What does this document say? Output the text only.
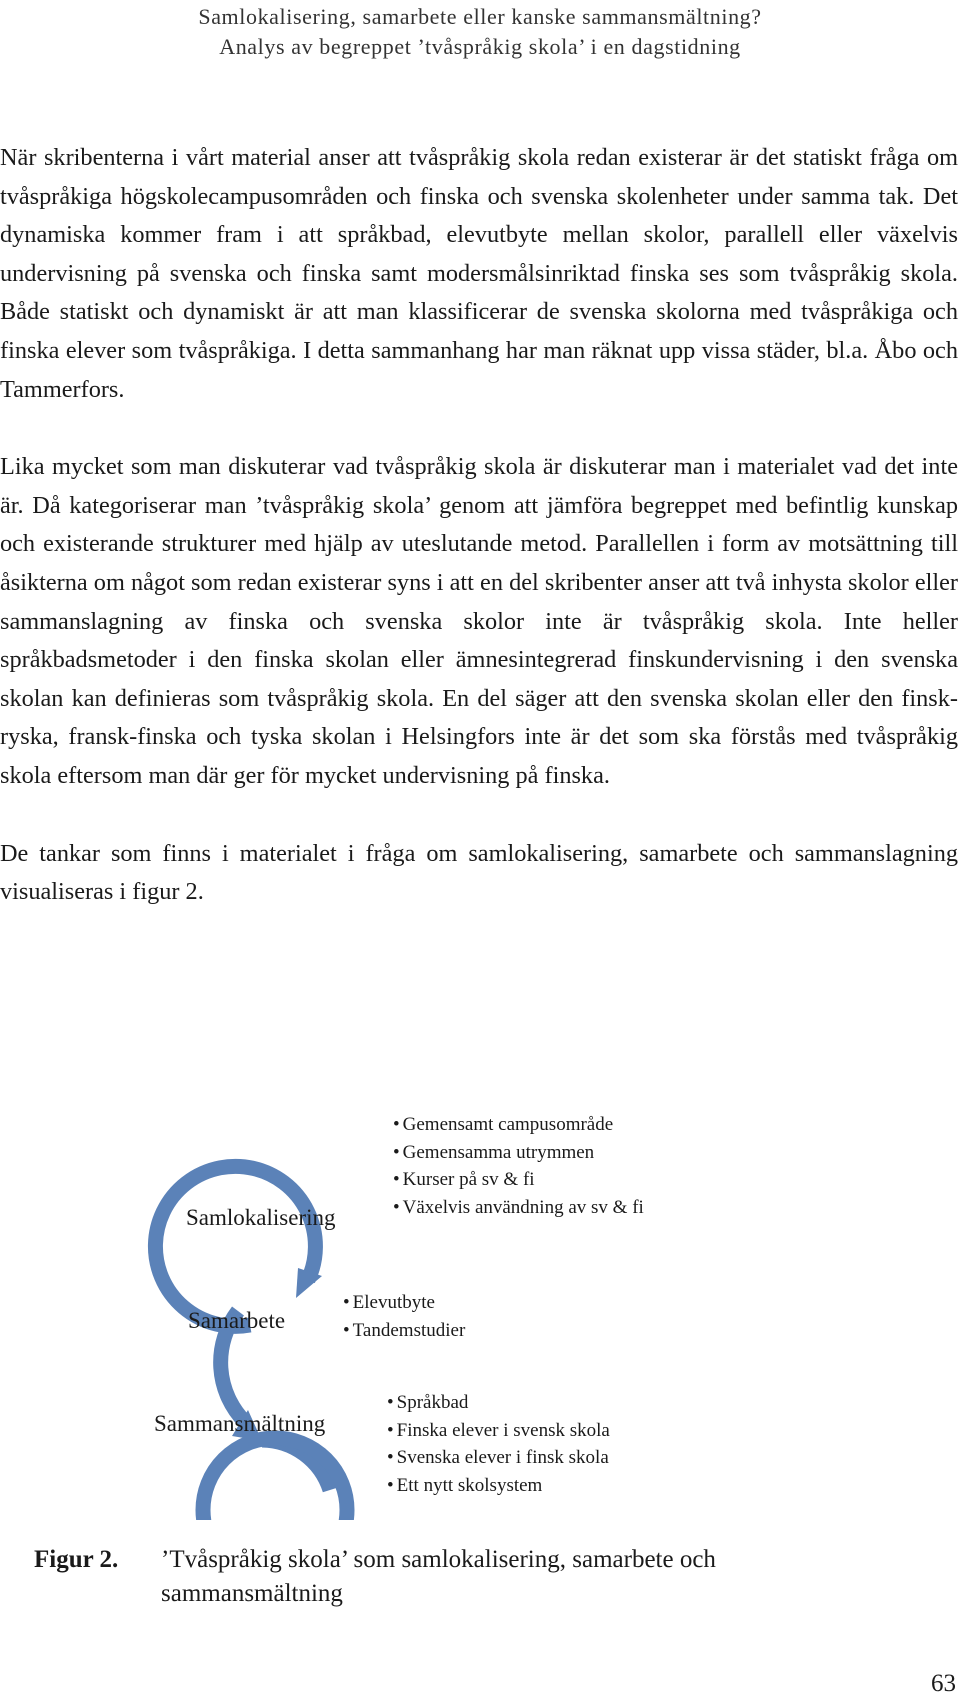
Samlokalisering, samarbete eller kanske sammansmältning?
Analys av begreppet ’tvåspråkig skola’ i en dagstidning

När skribenterna i vårt material anser att tvåspråkig skola redan existerar är det statiskt fråga om tvåspråkiga högskolecampusområden och finska och svenska skolenheter under samma tak. Det dynamiska kommer fram i att språkbad, elevutbyte mellan skolor, parallell eller växelvis undervisning på svenska och finska samt modersmålsinriktad finska ses som tvåspråkig skola. Både statiskt och dynamiskt är att man klassificerar de svenska skolorna med tvåspråkiga och finska elever som tvåspråkiga. I detta sammanhang har man räknat upp vissa städer, bl.a. Åbo och Tammerfors.

Lika mycket som man diskuterar vad tvåspråkig skola är diskuterar man i materialet vad det inte är. Då kategoriserar man ’tvåspråkig skola’ genom att jämföra begreppet med befintlig kunskap och existerande strukturer med hjälp av uteslutande metod. Parallellen i form av motsättning till åsikterna om något som redan existerar syns i att en del skribenter anser att två inhysta skolor eller sammanslagning av finska och svenska skolor inte är tvåspråkig skola. Inte heller språkbadsmetoder i den finska skolan eller ämnesintegrerad finskundervisning i den svenska skolan kan definieras som tvåspråkig skola. En del säger att den svenska skolan eller den finsk-ryska, fransk-finska och tyska skolan i Helsingfors inte är det som ska förstås med tvåspråkig skola eftersom man där ger för mycket undervisning på finska.

De tankar som finns i materialet i fråga om samlokalisering, samarbete och sammanslagning visualiseras i figur 2.

Samlokalisering
• Gemensamt campusområde
• Gemensamma utrymmen
• Kurser på sv & fi
• Växelvis användning av sv & fi
Samarbete
• Elevutbyte
• Tandemstudier
Sammansmältning
• Språkbad
• Finska elever i svensk skola
• Svenska elever i finsk skola
• Ett nytt skolsystem
Figur 2. ’Tvåspråkig skola’ som samlokalisering, samarbete och sammansmältning
63
